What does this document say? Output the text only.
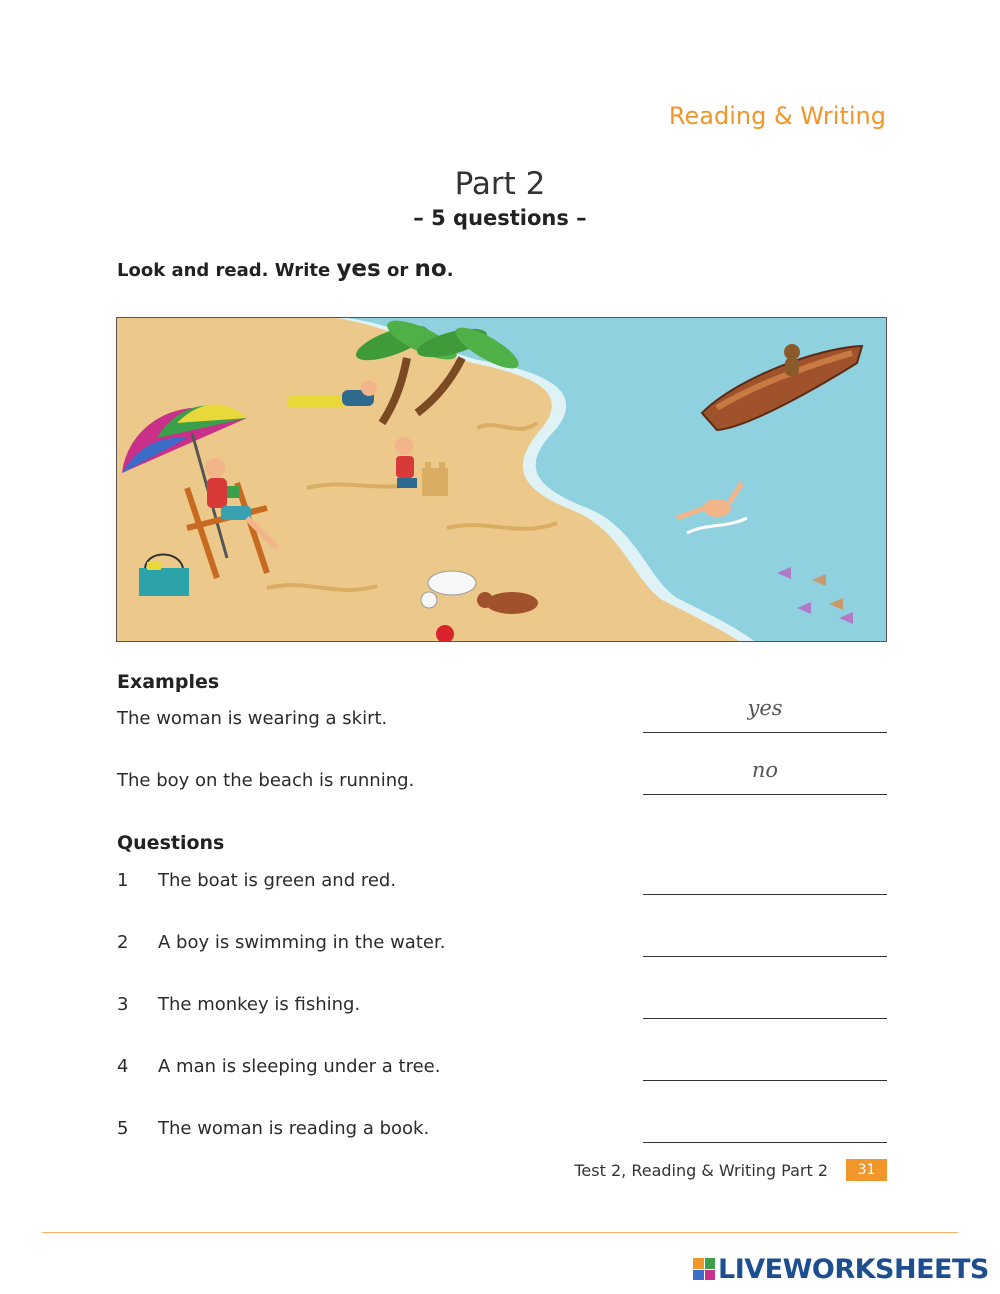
Reading & Writing
Part 2
– 5 questions –
Look and read. Write yes or no.
Examples
The woman is wearing a skirt.	yes
The boy on the beach is running.	no
Questions
1 The boat is green and red.
2 A boy is swimming in the water.
3 The monkey is fishing.
4 A man is sleeping under a tree.
5 The woman is reading a book.
Test 2, Reading & Writing Part 2	31
LIVEWORKSHEETS
